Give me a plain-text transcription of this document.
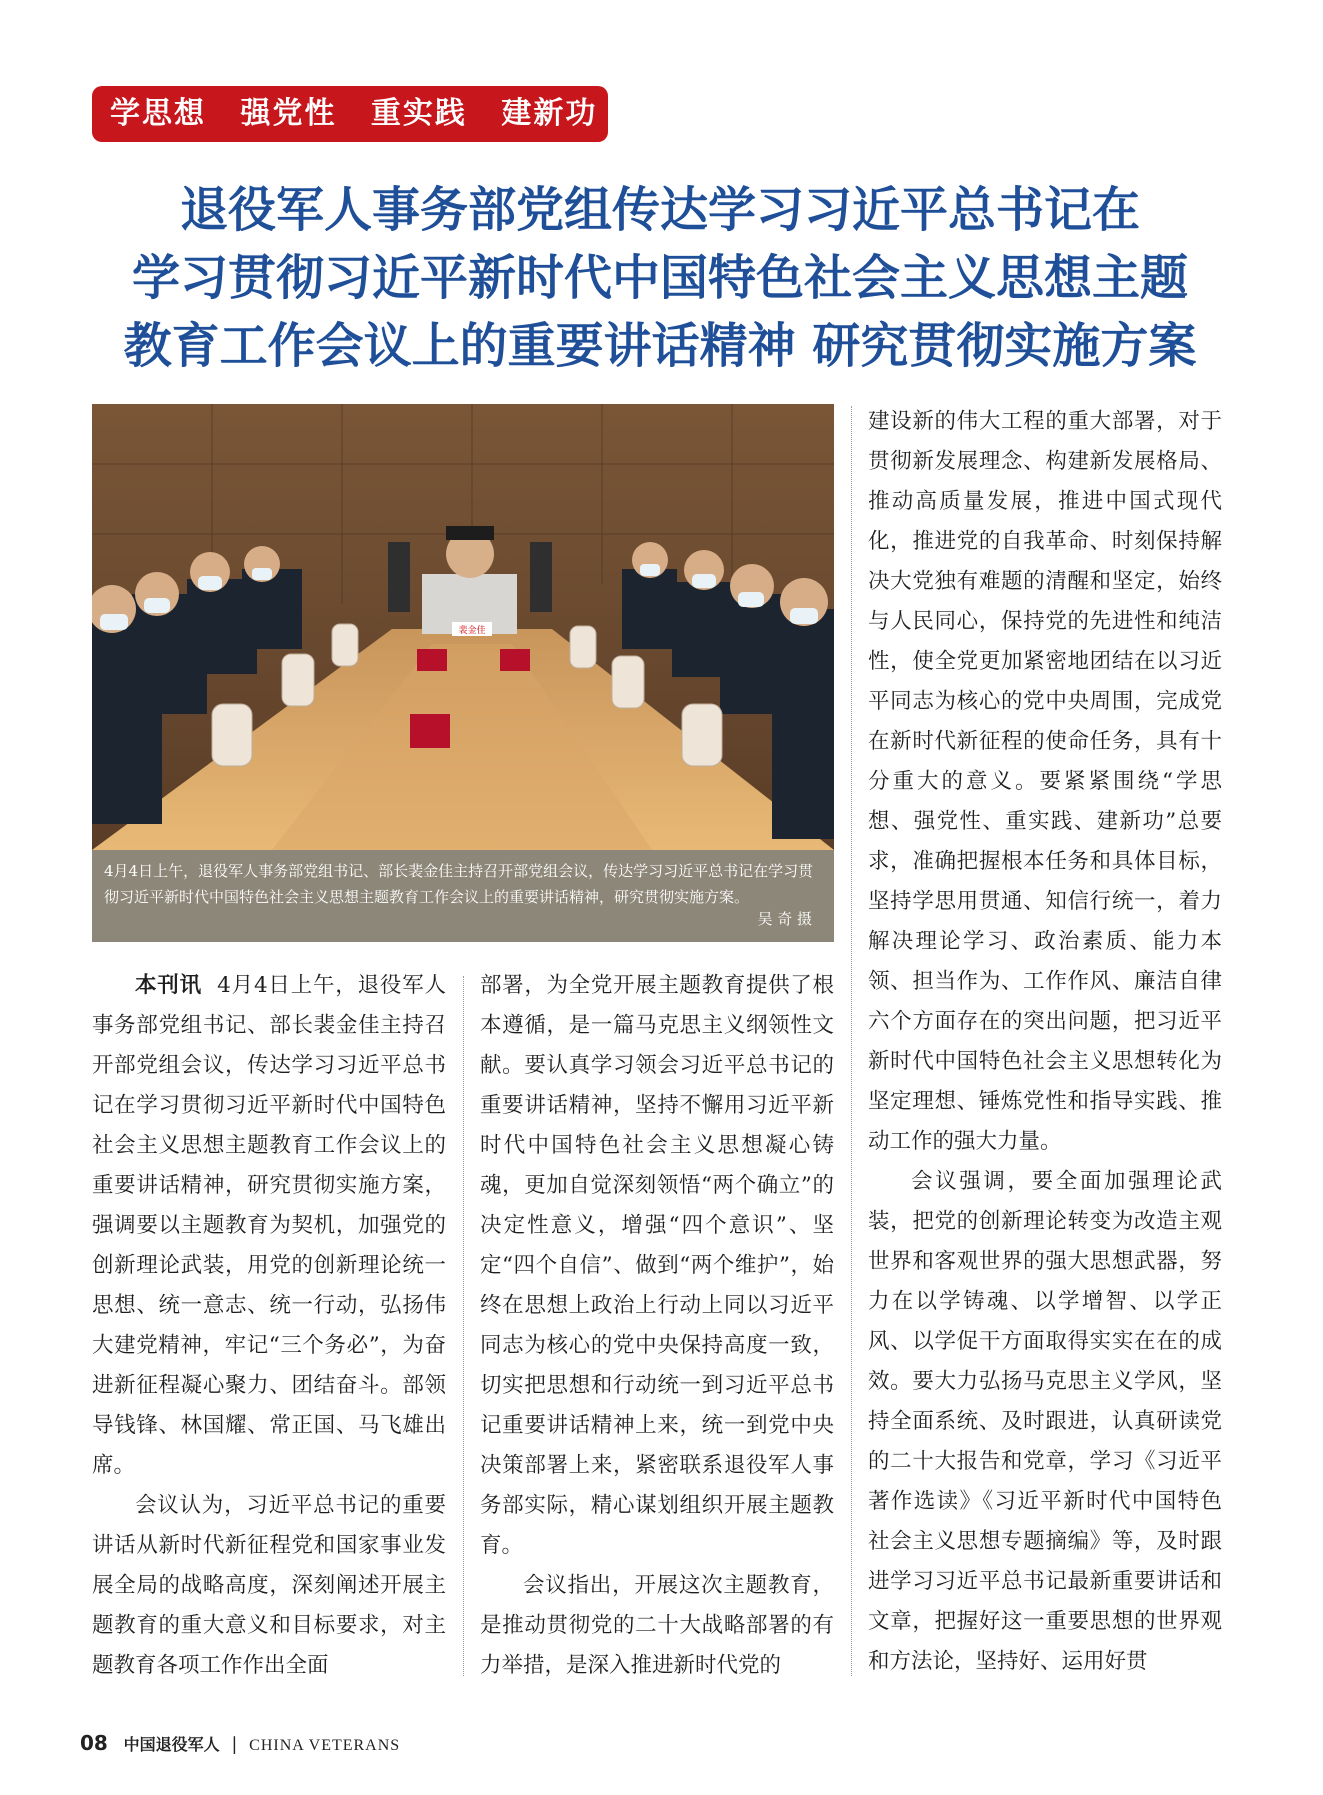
学思想 强党性 重实践 建新功
退役军人事务部党组传达学习习近平总书记在
学习贯彻习近平新时代中国特色社会主义思想主题
教育工作会议上的重要讲话精神 研究贯彻实施方案
裴金佳
4月4日上午，退役军人事务部党组书记、部长裴金佳主持召开部党组会议，传达学习习近平总书记在学习贯彻习近平新时代中国特色社会主义思想主题教育工作会议上的重要讲话精神，研究贯彻实施方案。
吴 奇 摄

本刊讯 4月4日上午，退役军人事务部党组书记、部长裴金佳主持召开部党组会议，传达学习习近平总书记在学习贯彻习近平新时代中国特色社会主义思想主题教育工作会议上的重要讲话精神，研究贯彻实施方案，强调要以主题教育为契机，加强党的创新理论武装，用党的创新理论统一思想、统一意志、统一行动，弘扬伟大建党精神，牢记“三个务必”，为奋进新征程凝心聚力、团结奋斗。部领导钱锋、林国耀、常正国、马飞雄出席。

会议认为，习近平总书记的重要讲话从新时代新征程党和国家事业发展全局的战略高度，深刻阐述开展主题教育的重大意义和目标要求，对主题教育各项工作作出全面

部署，为全党开展主题教育提供了根本遵循，是一篇马克思主义纲领性文献。要认真学习领会习近平总书记的重要讲话精神，坚持不懈用习近平新时代中国特色社会主义思想凝心铸魂，更加自觉深刻领悟“两个确立”的决定性意义，增强“四个意识”、坚定“四个自信”、做到“两个维护”，始终在思想上政治上行动上同以习近平同志为核心的党中央保持高度一致，切实把思想和行动统一到习近平总书记重要讲话精神上来，统一到党中央决策部署上来，紧密联系退役军人事务部实际，精心谋划组织开展主题教育。

会议指出，开展这次主题教育，是推动贯彻党的二十大战略部署的有力举措，是深入推进新时代党的

建设新的伟大工程的重大部署，对于贯彻新发展理念、构建新发展格局、推动高质量发展，推进中国式现代化，推进党的自我革命、时刻保持解决大党独有难题的清醒和坚定，始终与人民同心，保持党的先进性和纯洁性，使全党更加紧密地团结在以习近平同志为核心的党中央周围，完成党在新时代新征程的使命任务，具有十分重大的意义。要紧紧围绕“学思想、强党性、重实践、建新功”总要求，准确把握根本任务和具体目标，坚持学思用贯通、知信行统一，着力解决理论学习、政治素质、能力本领、担当作为、工作作风、廉洁自律六个方面存在的突出问题，把习近平新时代中国特色社会主义思想转化为坚定理想、锤炼党性和指导实践、推动工作的强大力量。

会议强调，要全面加强理论武装，把党的创新理论转变为改造主观世界和客观世界的强大思想武器，努力在以学铸魂、以学增智、以学正风、以学促干方面取得实实在在的成效。要大力弘扬马克思主义学风，坚持全面系统、及时跟进，认真研读党的二十大报告和党章，学习《习近平著作选读》《习近平新时代中国特色社会主义思想专题摘编》等，及时跟进学习习近平总书记最新重要讲话和文章，把握好这一重要思想的世界观和方法论，坚持好、运用好贯

08 中国退役军人 | CHINA VETERANS
